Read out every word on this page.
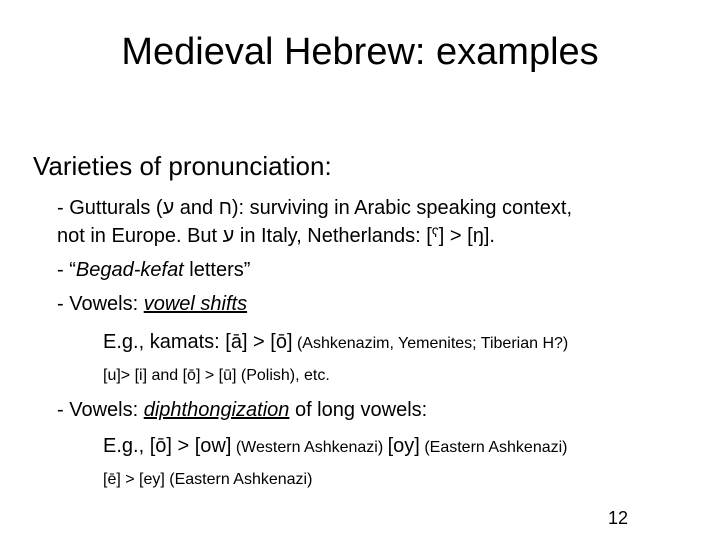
Medieval Hebrew: examples
Varieties of pronunciation:
- Gutturals (ע and ח): surviving in Arabic speaking context,
not in Europe. But ע in Italy, Netherlands: [ˤ] > [ŋ].
- “Begad-kefat letters”
- Vowels: vowel shifts
E.g., kamats: [ā] > [ō] (Ashkenazim, Yemenites; Tiberian H?)
[u]> [i] and [ō] > [ū] (Polish), etc.
- Vowels: diphthongization of long vowels:
E.g., [ō] > [ow] (Western Ashkenazi) [oy] (Eastern Ashkenazi)
[ē] > [ey] (Eastern Ashkenazi)
12
